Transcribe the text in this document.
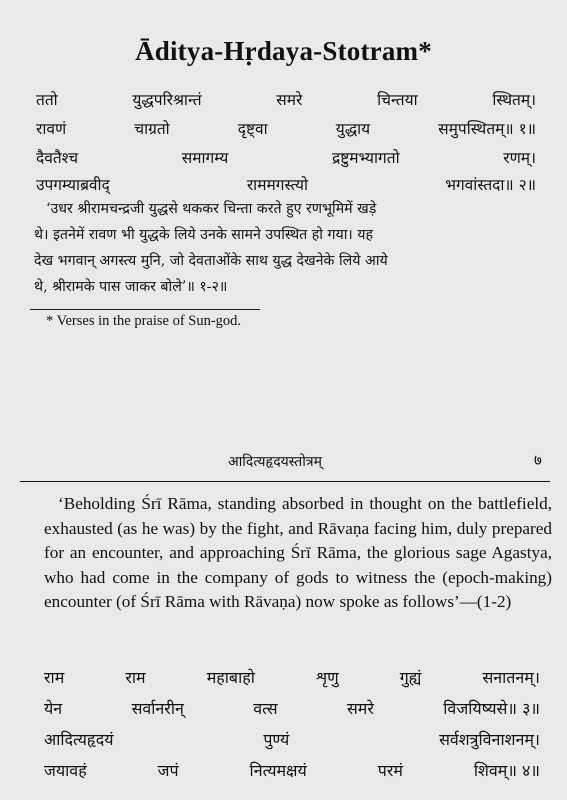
Āditya-Hṛdaya-Stotram*
ततो	युद्धपरिश्रान्तं	समरे	चिन्तया	स्थितम्।
रावणं	चाग्रतो	दृष्ट्वा	युद्धाय	समुपस्थितम्॥ १॥
दैवतैश्च	समागम्य	द्रष्टुमभ्यागतो	रणम्।
उपगम्याब्रवीद्	राममगस्त्यो	भगवांस्तदा॥ २॥
‘उधर श्रीरामचन्द्रजी युद्धसे थककर चिन्ता करते हुए रणभूमिमें खड़े
थे। इतनेमें रावण भी युद्धके लिये उनके सामने उपस्थित हो गया। यह
देख भगवान् अगस्त्य मुनि, जो देवताओंके साथ युद्ध देखनेके लिये आये
थे, श्रीरामके पास जाकर बोले’॥ १-२॥
* Verses in the praise of Sun-god.
आदित्यहृदयस्तोत्रम्	७
‘Beholding Śrī Rāma, standing absorbed in thought on the battlefield, exhausted (as he was) by the fight, and Rāvaṇa facing him, duly prepared for an encounter, and approaching Śrī Rāma, the glorious sage Agastya, who had come in the company of gods to witness the (epoch-making) encounter (of Śrī Rāma with Rāvaṇa) now spoke as follows’—(1-2)
राम	राम	महाबाहो	शृणु	गुह्यं	सनातनम्।
येन	सर्वानरीन्	वत्स	समरे	विजयिष्यसे॥ ३॥
आदित्यहृदयं	पुण्यं	सर्वशत्रुविनाशनम्।
जयावहं	जपं	नित्यमक्षयं	परमं	शिवम्॥ ४॥
